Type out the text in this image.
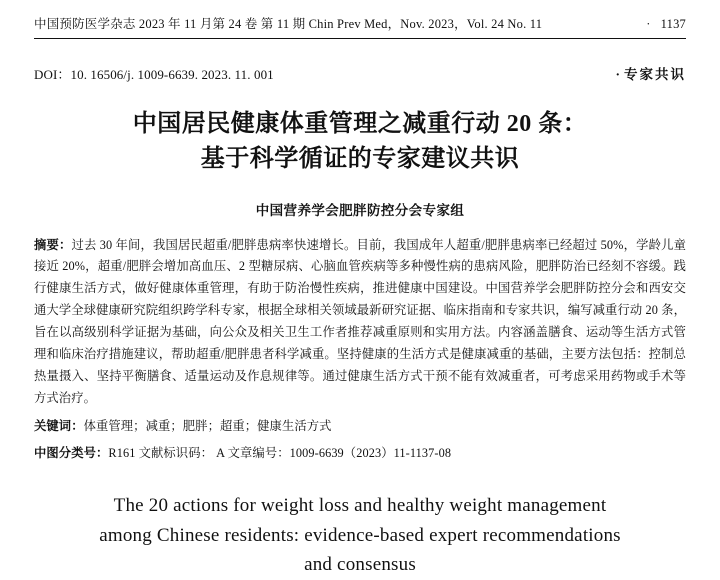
中国预防医学杂志 2023 年 11 月第 24 卷 第 11 期 Chin Prev Med，Nov. 2023，Vol. 24 No. 11	· 1137
DOI：10. 16506/j. 1009-6639. 2023. 11. 001	· 专家共识
中国居民健康体重管理之减重行动 20 条：
基于科学循证的专家建议共识
中国营养学会肥胖防控分会专家组
摘要：过去 30 年间，我国居民超重/肥胖患病率快速增长。目前，我国成年人超重/肥胖患病率已经超过 50%，学龄儿童接近 20%，超重/肥胖会增加高血压、2 型糖尿病、心脑血管疾病等多种慢性病的患病风险，肥胖防治已经刻不容缓。践行健康生活方式，做好健康体重管理，有助于防治慢性疾病，推进健康中国建设。中国营养学会肥胖防控分会和西安交通大学全球健康研究院组织跨学科专家，根据全球相关领域最新研究证据、临床指南和专家共识，编写减重行动 20 条，旨在以高级别科学证据为基础，向公众及相关卫生工作者推荐减重原则和实用方法。内容涵盖膳食、运动等生活方式管理和临床治疗措施建议，帮助超重/肥胖患者科学减重。坚持健康的生活方式是健康减重的基础，主要方法包括：控制总热量摄入、坚持平衡膳食、适量运动及作息规律等。通过健康生活方式干预不能有效减重者，可考虑采用药物或手术等方式治疗。
关键词：体重管理；减重；肥胖；超重；健康生活方式
中图分类号：R161 文献标识码： A 文章编号：1009-6639（2023）11-1137-08
The 20 actions for weight loss and healthy weight management
among Chinese residents: evidence-based expert recommendations
and consensus
